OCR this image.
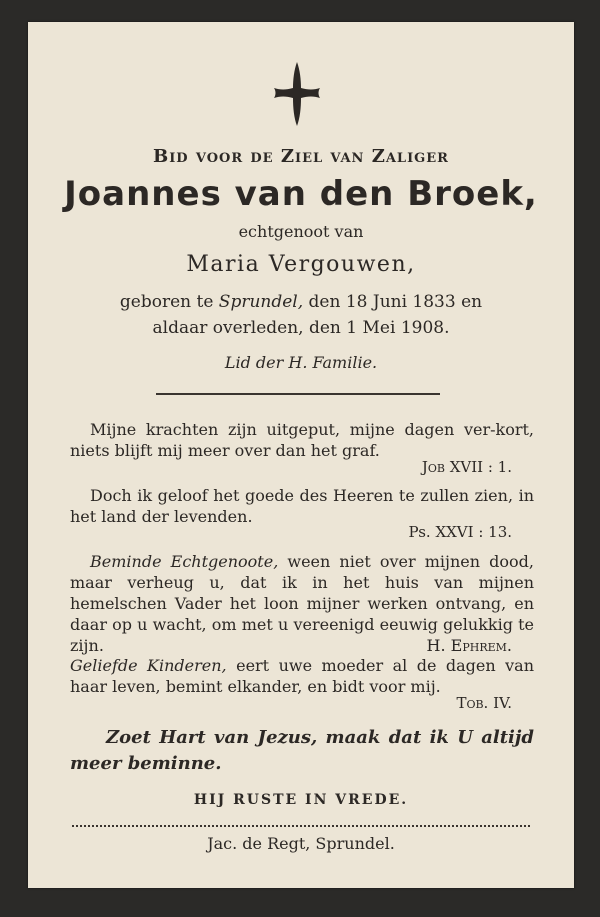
Bid voor de Ziel van Zaliger
Joannes van den Broek,
echtgenoot van
Maria Vergouwen,
geboren te Sprundel, den 18 Juni 1833 en
aldaar overleden, den 1 Mei 1908.
Lid der H. Familie.
Mijne krachten zijn uitgeput, mijne dagen ver-kort, niets blijft mij meer over dan het graf.
Job XVII : 1.
Doch ik geloof het goede des Heeren te zullen zien, in het land der levenden.
Ps. XXVI : 13.
Beminde Echtgenoote, ween niet over mijnen dood, maar verheug u, dat ik in het huis van mijnen hemelschen Vader het loon mijner werken ontvang, en daar op u wacht, om met u vereenigd eeuwig gelukkig te zijn.	H. Ephrem.
Geliefde Kinderen, eert uwe moeder al de dagen van haar leven, bemint elkander, en bidt voor mij.
Tob. IV.
Zoet Hart van Jezus, maak dat ik U altijd meer beminne.
HIJ RUSTE IN VREDE.
Jac. de Regt, Sprundel.
